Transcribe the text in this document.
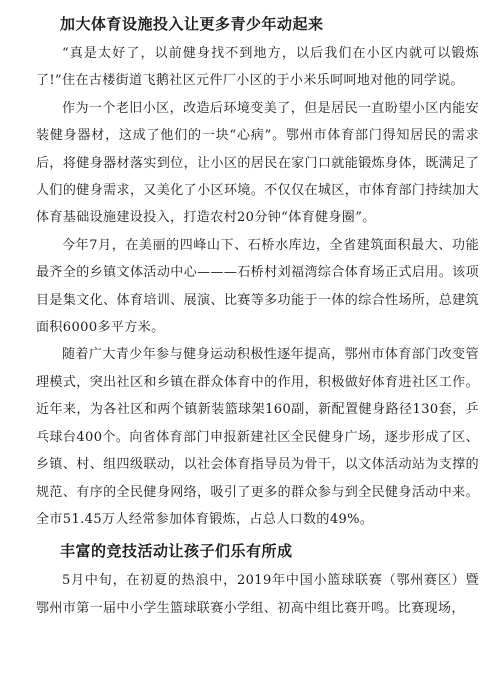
加大体育设施投入让更多青少年动起来

“真是太好了，以前健身找不到地方，以后我们在小区内就可以锻炼了!”住在古楼街道飞鹅社区元件厂小区的于小米乐呵呵地对他的同学说。

作为一个老旧小区，改造后环境变美了，但是居民一直盼望小区内能安装健身器材，这成了他们的一块“心病”。鄂州市体育部门得知居民的需求后，将健身器材落实到位，让小区的居民在家门口就能锻炼身体，既满足了人们的健身需求，又美化了小区环境。不仅仅在城区，市体育部门持续加大体育基础设施建设投入，打造农村20分钟“体育健身圈”。

今年7月，在美丽的四峰山下、石桥水库边，全省建筑面积最大、功能最齐全的乡镇文体活动中心———石桥村刘福湾综合体育场正式启用。该项目是集文化、体育培训、展演、比赛等多功能于一体的综合性场所，总建筑面积6000多平方米。

随着广大青少年参与健身运动积极性逐年提高，鄂州市体育部门改变管理模式，突出社区和乡镇在群众体育中的作用，积极做好体育进社区工作。近年来，为各社区和两个镇新装篮球架160副，新配置健身路径130套，乒乓球台400个。向省体育部门申报新建社区全民健身广场，逐步形成了区、乡镇、村、组四级联动，以社会体育指导员为骨干，以文体活动站为支撑的规范、有序的全民健身网络，吸引了更多的群众参与到全民健身活动中来。全市51.45万人经常参加体育锻炼，占总人口数的49%。

丰富的竞技活动让孩子们乐有所成

5月中旬，在初夏的热浪中，2019年中国小篮球联赛（鄂州赛区）暨鄂州市第一届中小学生篮球联赛小学组、初高中组比赛开鸣。比赛现场，
